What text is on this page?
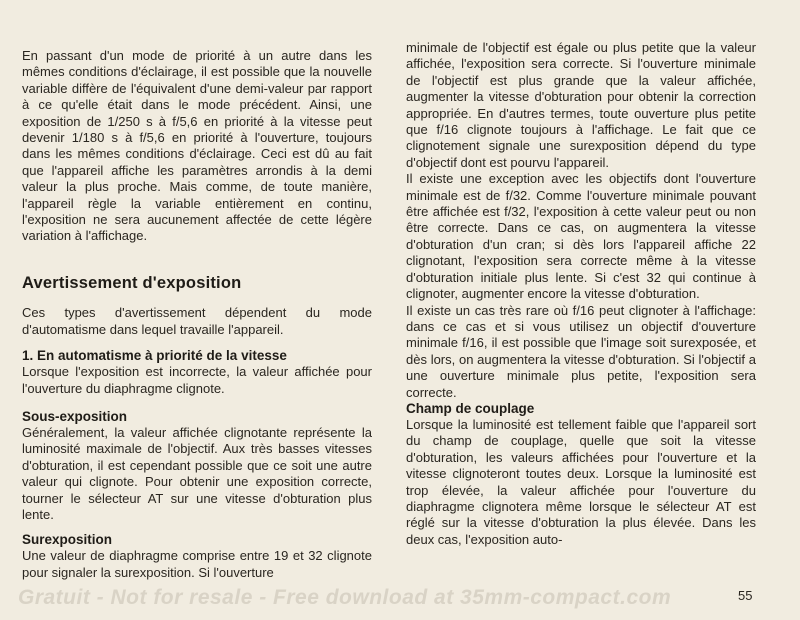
En passant d'un mode de priorité à un autre dans les mêmes conditions d'éclairage, il est possible que la nouvelle variable diffère de l'équivalent d'une demi-valeur par rapport à ce qu'elle était dans le mode précédent. Ainsi, une exposition de 1/250 s à f/5,6 en priorité à la vitesse peut devenir 1/180 s à f/5,6 en priorité à l'ouverture, toujours dans les mêmes conditions d'éclairage. Ceci est dû au fait que l'appareil affiche les paramètres arrondis à la demi valeur la plus proche. Mais comme, de toute manière, l'appareil règle la variable entièrement en continu, l'exposition ne sera aucunement affectée de cette légère variation à l'affichage.

Avertissement d'exposition

Ces types d'avertissement dépendent du mode d'automatisme dans lequel travaille l'appareil.

1. En automatisme à priorité de la vitesse

Lorsque l'exposition est incorrecte, la valeur affichée pour l'ouverture du diaphragme clignote.

Sous-exposition

Généralement, la valeur affichée clignotante représente la luminosité maximale de l'objectif. Aux très basses vitesses d'obturation, il est cependant possible que ce soit une autre valeur qui clignote. Pour obtenir une exposition correcte, tourner le sélecteur AT sur une vitesse d'obturation plus lente.

Surexposition

Une valeur de diaphragme comprise entre 19 et 32 clignote pour signaler la surexposition. Si l'ouverture

minimale de l'objectif est égale ou plus petite que la valeur affichée, l'exposition sera correcte. Si l'ouverture minimale de l'objectif est plus grande que la valeur affichée, augmenter la vitesse d'obturation pour obtenir la correction appropriée. En d'autres termes, toute ouverture plus petite que f/16 clignote toujours à l'affichage. Le fait que ce clignotement signale une surexposition dépend du type d'objectif dont est pourvu l'appareil.

Il existe une exception avec les objectifs dont l'ouverture minimale est de f/32. Comme l'ouverture minimale pouvant être affichée est f/32, l'exposition à cette valeur peut ou non être correcte. Dans ce cas, on augmentera la vitesse d'obturation d'un cran; si dès lors l'appareil affiche 22 clignotant, l'exposition sera correcte même à la vitesse d'obturation initiale plus lente. Si c'est 32 qui continue à clignoter, augmenter encore la vitesse d'obturation.

Il existe un cas très rare où f/16 peut clignoter à l'affichage: dans ce cas et si vous utilisez un objectif d'ouverture minimale f/16, il est possible que l'image soit surexposée, et dès lors, on augmentera la vitesse d'obturation. Si l'objectif a une ouverture minimale plus petite, l'exposition sera correcte.

Champ de couplage

Lorsque la luminosité est tellement faible que l'appareil sort du champ de couplage, quelle que soit la vitesse d'obturation, les valeurs affichées pour l'ouverture et la vitesse clignoteront toutes deux. Lorsque la luminosité est trop élevée, la valeur affichée pour l'ouverture du diaphragme clignotera même lorsque le sélecteur AT est réglé sur la vitesse d'obturation la plus élevée. Dans les deux cas, l'exposition auto-

Gratuit - Not for resale - Free download at 35mm-compact.com	55
